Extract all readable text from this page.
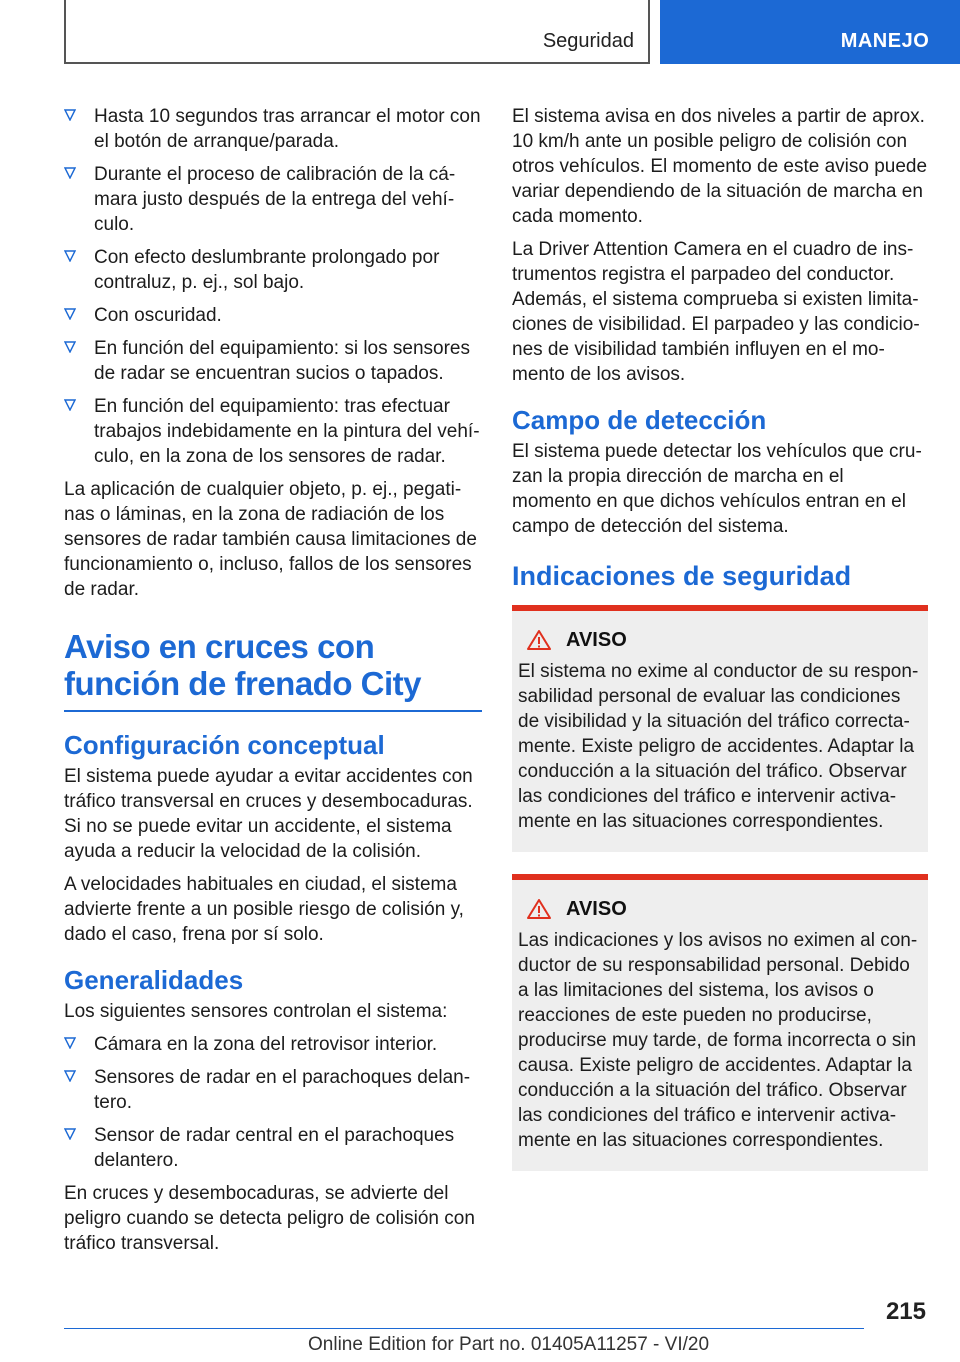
Seguridad	MANEJO
Hasta 10 segundos tras arrancar el motor con el botón de arranque/parada.
Durante el proceso de calibración de la cámara justo después de la entrega del vehículo.
Con efecto deslumbrante prolongado por contraluz, p. ej., sol bajo.
Con oscuridad.
En función del equipamiento: si los sensores de radar se encuentran sucios o tapados.
En función del equipamiento: tras efectuar trabajos indebidamente en la pintura del vehículo, en la zona de los sensores de radar.

La aplicación de cualquier objeto, p. ej., pegatinas o láminas, en la zona de radiación de los sensores de radar también causa limitaciones de funcionamiento o, incluso, fallos de los sensores de radar.

Aviso en cruces con función de frenado City
Configuración conceptual

El sistema puede ayudar a evitar accidentes con tráfico transversal en cruces y desembocaduras. Si no se puede evitar un accidente, el sistema ayuda a reducir la velocidad de la colisión.

A velocidades habituales en ciudad, el sistema advierte frente a un posible riesgo de colisión y, dado el caso, frena por sí solo.

Generalidades

Los siguientes sensores controlan el sistema:

Cámara en la zona del retrovisor interior.
Sensores de radar en el parachoques delantero.
Sensor de radar central en el parachoques delantero.

En cruces y desembocaduras, se advierte del peligro cuando se detecta peligro de colisión con tráfico transversal.

El sistema avisa en dos niveles a partir de aprox. 10 km/h ante un posible peligro de colisión con otros vehículos. El momento de este aviso puede variar dependiendo de la situación de marcha en cada momento.

La Driver Attention Camera en el cuadro de instrumentos registra el parpadeo del conductor. Además, el sistema comprueba si existen limitaciones de visibilidad. El parpadeo y las condiciones de visibilidad también influyen en el momento de los avisos.

Campo de detección

El sistema puede detectar los vehículos que cruzan la propia dirección de marcha en el momento en que dichos vehículos entran en el campo de detección del sistema.

Indicaciones de seguridad
AVISO

El sistema no exime al conductor de su responsabilidad personal de evaluar las condiciones de visibilidad y la situación del tráfico correctamente. Existe peligro de accidentes. Adaptar la conducción a la situación del tráfico. Observar las condiciones del tráfico e intervenir activamente en las situaciones correspondientes.

AVISO

Las indicaciones y los avisos no eximen al conductor de su responsabilidad personal. Debido a las limitaciones del sistema, los avisos o reacciones de este pueden no producirse, producirse muy tarde, de forma incorrecta o sin causa. Existe peligro de accidentes. Adaptar la conducción a la situación del tráfico. Observar las condiciones del tráfico e intervenir activamente en las situaciones correspondientes.

215
Online Edition for Part no. 01405A11257 - VI/20
